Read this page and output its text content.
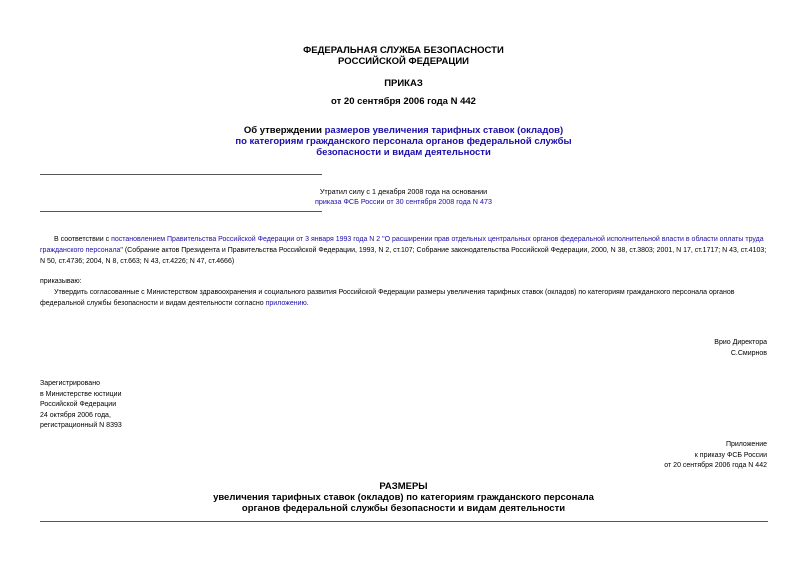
ФЕДЕРАЛЬНАЯ СЛУЖБА БЕЗОПАСНОСТИ
РОССИЙСКОЙ ФЕДЕРАЦИИ
ПРИКАЗ
от 20 сентября 2006 года N 442
Об утверждении размеров увеличения тарифных ставок (окладов)
по категориям гражданского персонала органов федеральной службы
безопасности и видам деятельности
Утратил силу с 1 декабря 2008 года на основании
приказа ФСБ России от 30 сентября 2008 года N 473
В соответствии с постановлением Правительства Российской Федерации от 3 января 1993 года N 2 "О расширении прав отдельных центральных органов федеральной исполнительной власти в области оплаты труда гражданского персонала" (Собрание актов Президента и Правительства Российской Федерации, 1993, N 2, ст.107; Собрание законодательства Российской Федерации, 2000, N 38, ст.3803; 2001, N 17, ст.1717; N 43, ст.4103; N 50, ст.4736; 2004, N 8, ст.663; N 43, ст.4226; N 47, ст.4666)
приказываю:
Утвердить согласованные с Министерством здравоохранения и социального развития Российской Федерации размеры увеличения тарифных ставок (окладов) по категориям гражданского персонала органов федеральной службы безопасности и видам деятельности согласно приложению.
Врио Директора
С.Смирнов
Зарегистрировано
в Министерстве юстиции
Российской Федерации
24 октября 2006 года,
регистрационный N 8393
Приложение
к приказу ФСБ России
от 20 сентября 2006 года N 442
РАЗМЕРЫ
увеличения тарифных ставок (окладов) по категориям гражданского персонала
органов федеральной службы безопасности и видам деятельности
